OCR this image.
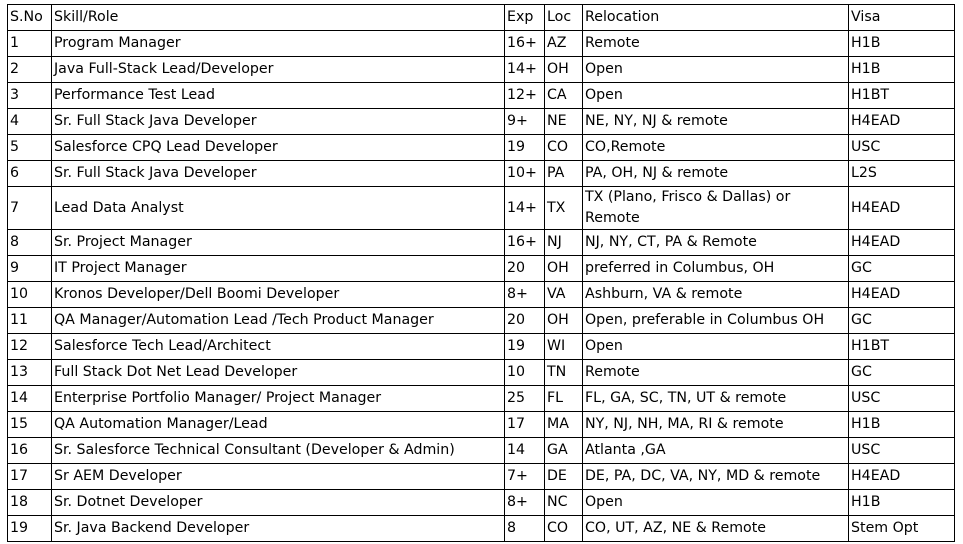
S.No	Skill/Role	Exp	Loc	Relocation	Visa
1	Program Manager	16+	AZ	Remote	H1B
2	Java Full-Stack Lead/Developer	14+	OH	Open	H1B
3	Performance Test Lead	12+	CA	Open	H1BT
4	Sr. Full Stack Java Developer	9+	NE	NE, NY, NJ & remote	H4EAD
5	Salesforce CPQ Lead Developer	19	CO	CO,Remote	USC
6	Sr. Full Stack Java Developer	10+	PA	PA, OH, NJ & remote	L2S
7	Lead Data Analyst	14+	TX	TX (Plano, Frisco & Dallas) or Remote	H4EAD
8	Sr. Project Manager	16+	NJ	NJ, NY, CT, PA & Remote	H4EAD
9	IT Project Manager	20	OH	preferred in Columbus, OH	GC
10	Kronos Developer/Dell Boomi Developer	8+	VA	Ashburn, VA & remote	H4EAD
11	QA Manager/Automation Lead /Tech Product Manager	20	OH	Open, preferable in Columbus OH	GC
12	Salesforce Tech Lead/Architect	19	WI	Open	H1BT
13	Full Stack Dot Net Lead Developer	10	TN	Remote	GC
14	Enterprise Portfolio Manager/ Project Manager	25	FL	FL, GA, SC, TN, UT & remote	USC
15	QA Automation Manager/Lead	17	MA	NY, NJ, NH, MA, RI & remote	H1B
16	Sr. Salesforce Technical Consultant (Developer & Admin)	14	GA	Atlanta ,GA	USC
17	Sr AEM Developer	7+	DE	DE, PA, DC, VA, NY, MD & remote	H4EAD
18	Sr. Dotnet Developer	8+	NC	Open	H1B
19	Sr. Java Backend Developer	8	CO	CO, UT, AZ, NE & Remote	Stem Opt
